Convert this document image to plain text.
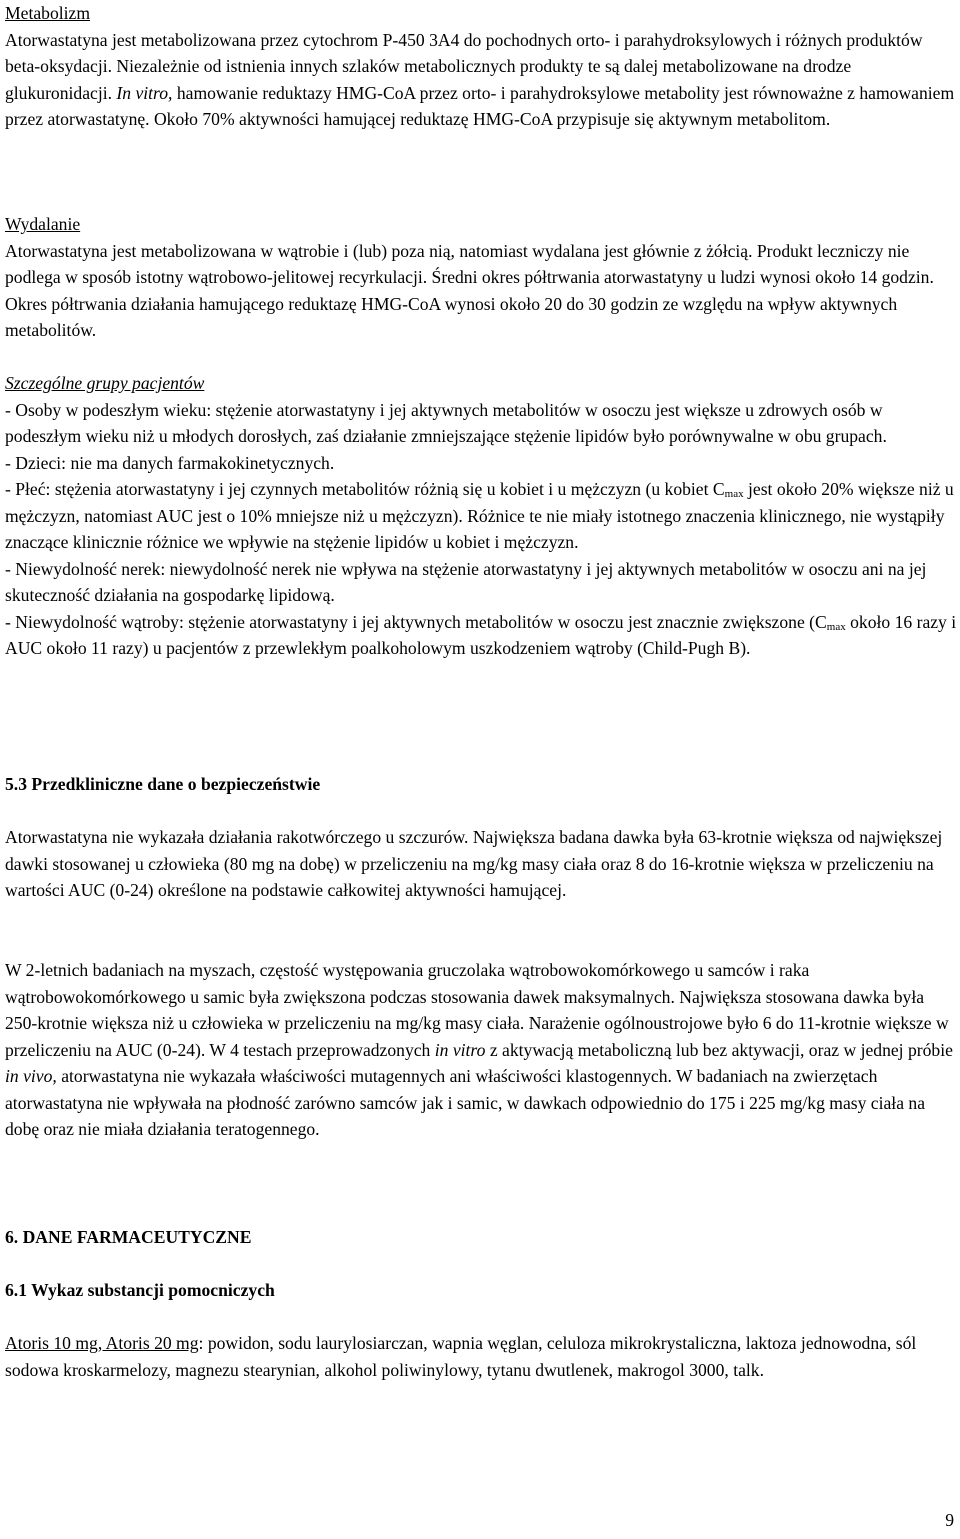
Metabolizm

Atorwastatyna jest metabolizowana przez cytochrom P-450 3A4 do pochodnych orto- i parahydroksylowych i różnych produktów beta-oksydacji. Niezależnie od istnienia innych szlaków metabolicznych produkty te są dalej metabolizowane na drodze glukuronidacji. In vitro, hamowanie reduktazy HMG-CoA przez orto- i parahydroksylowe metabolity jest równoważne z hamowaniem przez atorwastatynę. Około 70% aktywności hamującej reduktazę HMG-CoA przypisuje się aktywnym metabolitom.

Wydalanie

Atorwastatyna jest metabolizowana w wątrobie i (lub) poza nią, natomiast wydalana jest głównie z żółcią. Produkt leczniczy nie podlega w sposób istotny wątrobowo-jelitowej recyrkulacji. Średni okres półtrwania atorwastatyny u ludzi wynosi około 14 godzin. Okres półtrwania działania hamującego reduktazę HMG-CoA wynosi około 20 do 30 godzin ze względu na wpływ aktywnych metabolitów.

Szczególne grupy pacjentów

- Osoby w podeszłym wieku: stężenie atorwastatyny i jej aktywnych metabolitów w osoczu jest większe u zdrowych osób w podeszłym wieku niż u młodych dorosłych, zaś działanie zmniejszające stężenie lipidów było porównywalne w obu grupach.

- Dzieci: nie ma danych farmakokinetycznych.

- Płeć: stężenia atorwastatyny i jej czynnych metabolitów różnią się u kobiet i u mężczyzn (u kobiet $C_{max}$ jest około 20% większe niż u mężczyzn, natomiast AUC jest o 10% mniejsze niż u mężczyzn). Różnice te nie miały istotnego znaczenia klinicznego, nie wystąpiły znaczące klinicznie różnice we wpływie na stężenie lipidów u kobiet i mężczyzn.

- Niewydolność nerek: niewydolność nerek nie wpływa na stężenie atorwastatyny i jej aktywnych metabolitów w osoczu ani na jej skuteczność działania na gospodarkę lipidową.

- Niewydolność wątroby: stężenie atorwastatyny i jej aktywnych metabolitów w osoczu jest znacznie zwiększone ($C_{max}$ około 16 razy i AUC około 11 razy) u pacjentów z przewlekłym poalkoholowym uszkodzeniem wątroby (Child-Pugh B).

5.3 Przedkliniczne dane o bezpieczeństwie

Atorwastatyna nie wykazała działania rakotwórczego u szczurów. Największa badana dawka była 63-krotnie większa od największej dawki stosowanej u człowieka (80 mg na dobę) w przeliczeniu na mg/kg masy ciała oraz 8 do 16-krotnie większa w przeliczeniu na wartości AUC (0-24) określone na podstawie całkowitej aktywności hamującej.

W 2-letnich badaniach na myszach, częstość występowania gruczolaka wątrobowokomórkowego u samców i raka wątrobowokomórkowego u samic była zwiększona podczas stosowania dawek maksymalnych. Największa stosowana dawka była 250-krotnie większa niż u człowieka w przeliczeniu na mg/kg masy ciała. Narażenie ogólnoustrojowe było 6 do 11-krotnie większe w przeliczeniu na AUC (0-24). W 4 testach przeprowadzonych in vitro z aktywacją metaboliczną lub bez aktywacji, oraz w jednej próbie in vivo, atorwastatyna nie wykazała właściwości mutagennych ani właściwości klastogennych. W badaniach na zwierzętach atorwastatyna nie wpływała na płodność zarówno samców jak i samic, w dawkach odpowiednio do 175 i 225 mg/kg masy ciała na dobę oraz nie miała działania teratogennego.

6. DANE FARMACEUTYCZNE
6.1 Wykaz substancji pomocniczych

Atoris 10 mg, Atoris 20 mg: powidon, sodu laurylosiarczan, wapnia węglan, celuloza mikrokrystaliczna, laktoza jednowodna, sól sodowa kroskarmelozy, magnezu stearynian, alkohol poliwinylowy, tytanu dwutlenek, makrogol 3000, talk.

9
